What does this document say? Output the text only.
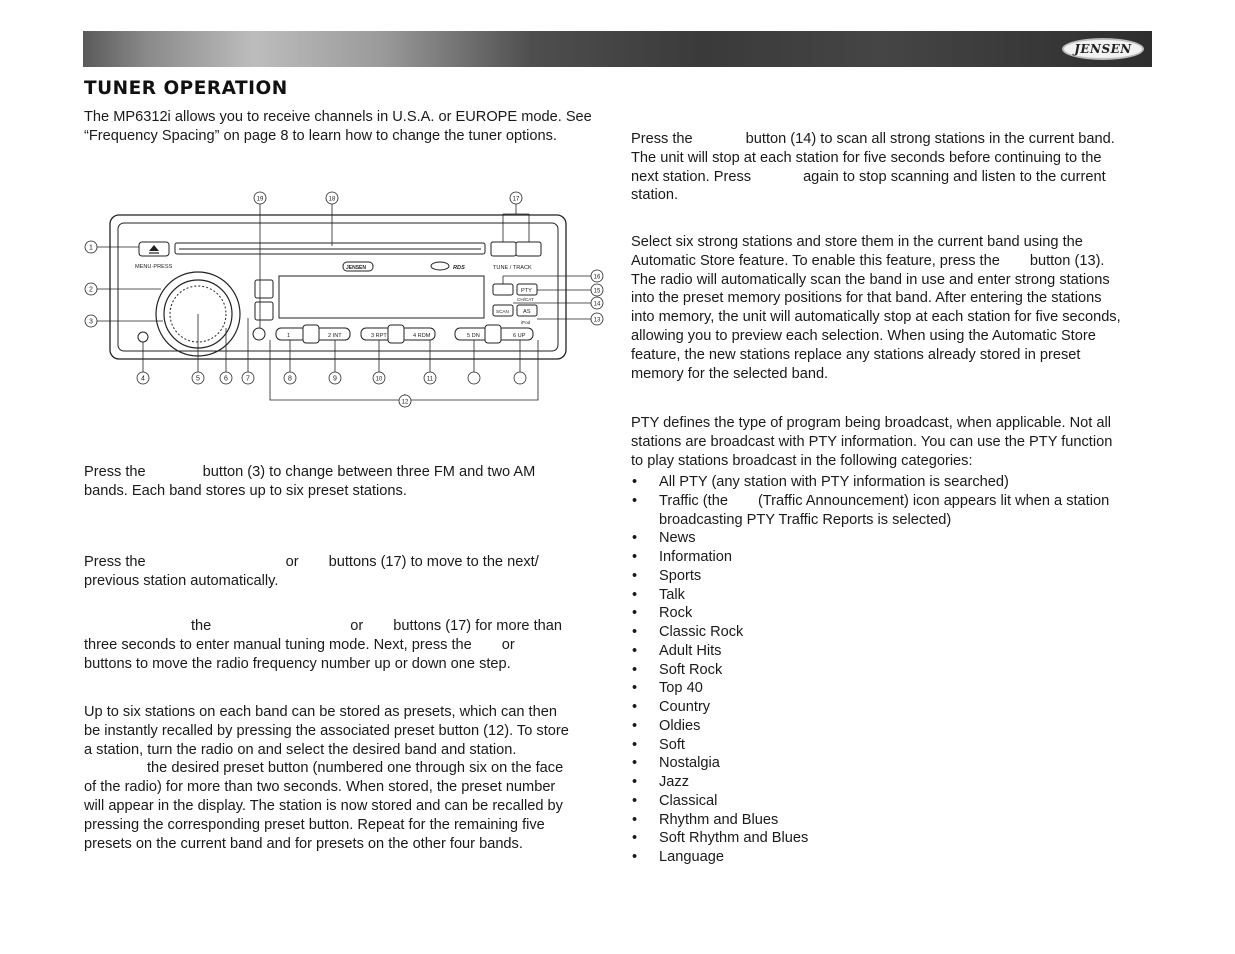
JENSEN
TUNER OPERATION

The MP6312i allows you to receive channels in U.S.A. or EUROPE mode. See “Frequency Spacing” on page 8 to learn how to change the tuner options.

MENU·PRESS	TUNE / TRACK
RDS
JENSEN
PTY
CH/CAT
SCAN	AS
iPod
1	2 INT	3 RPT	4 RDM	5 DN	6 UP
1
2
3
4	5	6	7	8	9	10	11
12
13
14
15
16
17
18
19

Press the	button (3) to change between three FM and two AM
bands. Each band stores up to six preset stations.

Press the	or buttons (17) to move to the next/
previous station automatically.

the	or buttons (17) for more than
three seconds to enter manual tuning mode. Next, press the or
buttons to move the radio frequency number up or down one step.

Up to six stations on each band can be stored as presets, which can then
be instantly recalled by pressing the associated preset button (12). To store
a station, turn the radio on and select the desired band and station.
the desired preset button (numbered one through six on the face
of the radio) for more than two seconds. When stored, the preset number
will appear in the display. The station is now stored and can be recalled by
pressing the corresponding preset button. Repeat for the remaining five
presets on the current band and for presets on the other four bands.

Press the	button (14) to scan all strong stations in the current band.
The unit will stop at each station for five seconds before continuing to the
next station. Press	again to stop scanning and listen to the current
station.

Select six strong stations and store them in the current band using the
Automatic Store feature. To enable this feature, press the button (13).
The radio will automatically scan the band in use and enter strong stations
into the preset memory positions for that band. After entering the stations
into memory, the unit will automatically stop at each station for five seconds,
allowing you to preview each selection. When using the Automatic Store
feature, the new stations replace any stations already stored in preset
memory for the selected band.

PTY defines the type of program being broadcast, when applicable. Not all
stations are broadcast with PTY information. You can use the PTY function
to play stations broadcast in the following categories:

• All PTY (any station with PTY information is searched)
• Traffic (the (Traffic Announcement) icon appears lit when a station
broadcasting PTY Traffic Reports is selected)
• News
• Information
• Sports
• Talk
• Rock
• Classic Rock
• Adult Hits
• Soft Rock
• Top 40
• Country
• Oldies
• Soft
• Nostalgia
• Jazz
• Classical
• Rhythm and Blues
• Soft Rhythm and Blues
• Language
